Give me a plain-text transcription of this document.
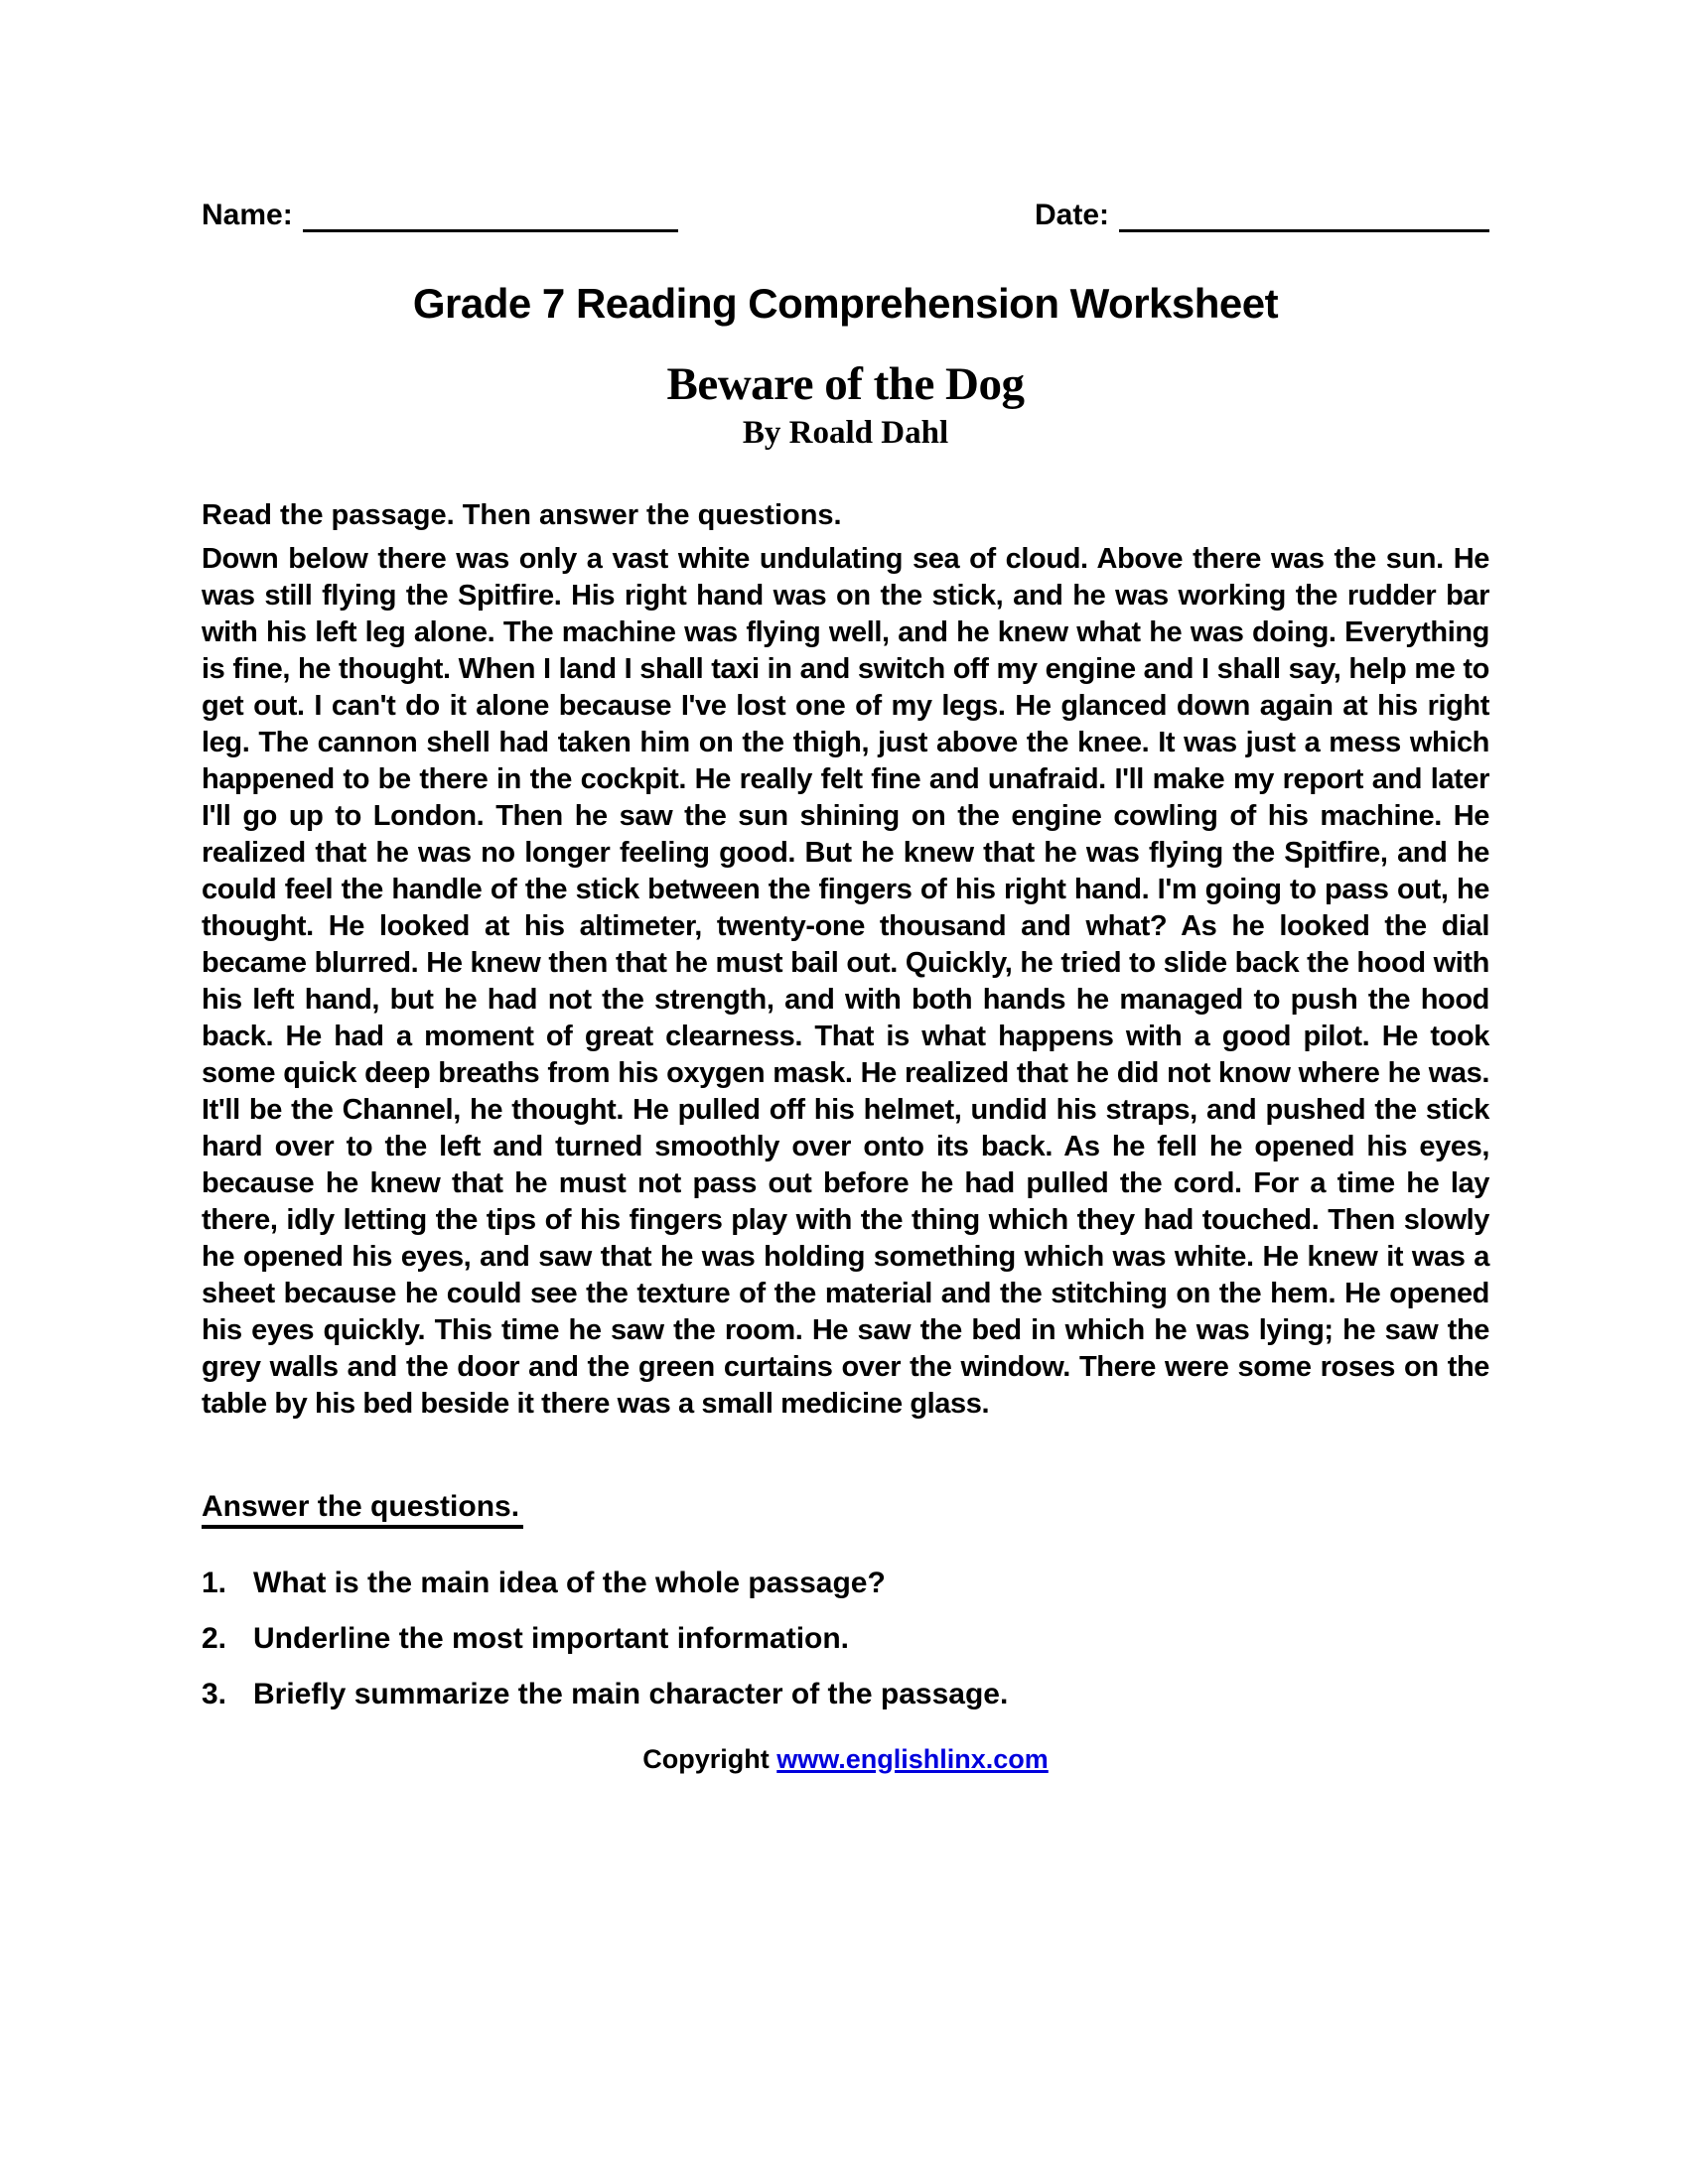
Name:	Date:
Grade 7 Reading Comprehension Worksheet
Beware of the Dog
By Roald Dahl
Read the passage. Then answer the questions.
Down below there was only a vast white undulating sea of cloud. Above there was the sun. He was still flying the Spitfire. His right hand was on the stick, and he was working the rudder bar with his left leg alone. The machine was flying well, and he knew what he was doing. Everything is fine, he thought. When I land I shall taxi in and switch off my engine and I shall say, help me to get out. I can't do it alone because I've lost one of my legs. He glanced down again at his right leg. The cannon shell had taken him on the thigh, just above the knee. It was just a mess which happened to be there in the cockpit. He really felt fine and unafraid. I'll make my report and later I'll go up to London. Then he saw the sun shining on the engine cowling of his machine. He realized that he was no longer feeling good. But he knew that he was flying the Spitfire, and he could feel the handle of the stick between the fingers of his right hand. I'm going to pass out, he thought. He looked at his altimeter, twenty-one thousand and what? As he looked the dial became blurred. He knew then that he must bail out. Quickly, he tried to slide back the hood with his left hand, but he had not the strength, and with both hands he managed to push the hood back. He had a moment of great clearness. That is what happens with a good pilot. He took some quick deep breaths from his oxygen mask. He realized that he did not know where he was. It'll be the Channel, he thought. He pulled off his helmet, undid his straps, and pushed the stick hard over to the left and turned smoothly over onto its back. As he fell he opened his eyes, because he knew that he must not pass out before he had pulled the cord. For a time he lay there, idly letting the tips of his fingers play with the thing which they had touched. Then slowly he opened his eyes, and saw that he was holding something which was white. He knew it was a sheet because he could see the texture of the material and the stitching on the hem. He opened his eyes quickly. This time he saw the room. He saw the bed in which he was lying; he saw the grey walls and the door and the green curtains over the window. There were some roses on the table by his bed beside it there was a small medicine glass.
Answer the questions.
1. What is the main idea of the whole passage?
2. Underline the most important information.
3. Briefly summarize the main character of the passage.
Copyright www.englishlinx.com
